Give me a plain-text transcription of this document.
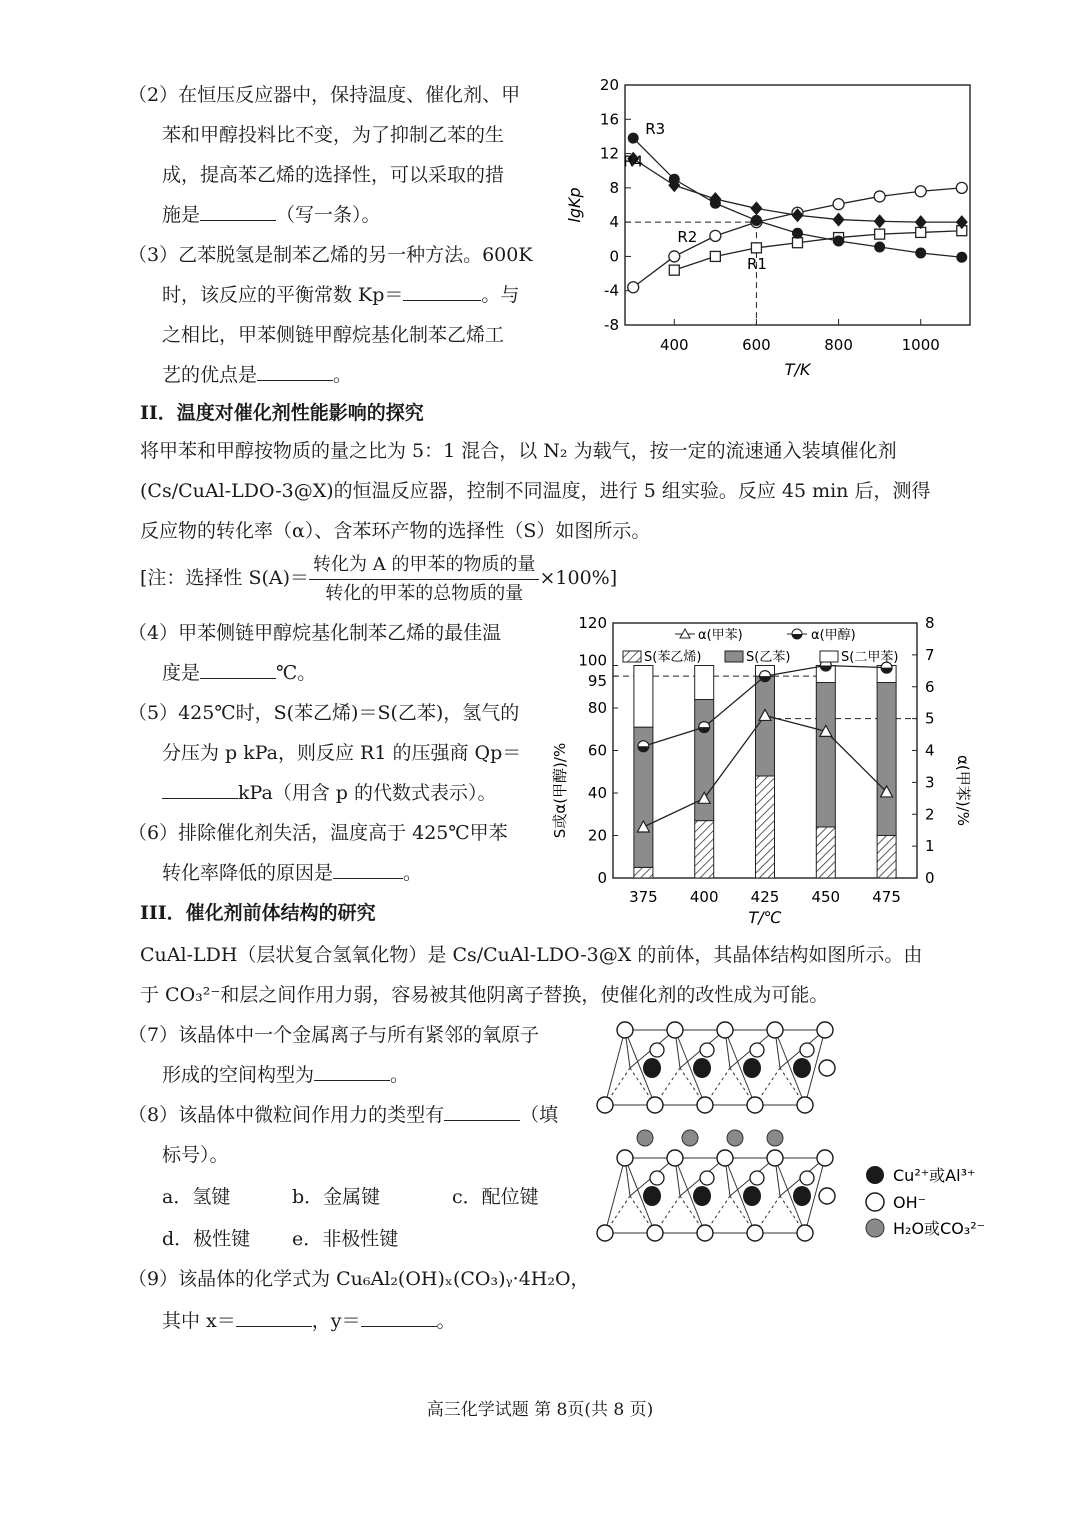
（2）在恒压反应器中，保持温度、催化剂、甲
苯和甲醇投料比不变，为了抑制乙苯的生
成，提高苯乙烯的选择性，可以采取的措
施是	（写一条）。
（3）乙苯脱氢是制苯乙烯的另一种方法。600K
时，该反应的平衡常数 Kp＝	。与
之相比，甲苯侧链甲醇烷基化制苯乙烯工
艺的优点是	。
20
16
12
8
4
0
-4
-8
400	600	800	1000
T/K
lgKp
R1
R2
R3
R4
II．温度对催化剂性能影响的探究
将甲苯和甲醇按物质的量之比为 5：1 混合，以 N₂ 为载气，按一定的流速通入装填催化剂
(Cs/CuAl-LDO-3@X)的恒温反应器，控制不同温度，进行 5 组实验。反应 45 min 后，测得
反应物的转化率（α）、含苯环产物的选择性（S）如图所示。
[注：选择性 $S(A)= \frac{\text{转化为 A 的甲苯的物质的量}}{\text{转化的甲苯的总物质的量}} \times 100\%$]
（4）甲苯侧链甲醇烷基化制苯乙烯的最佳温
度是	℃。
（5）425℃时，S(苯乙烯)＝S(乙苯)，氢气的
分压为 p kPa，则反应 R1 的压强商 Qp＝
kPa（用含 p 的代数式表示）。
（6）排除催化剂失活，温度高于 425℃甲苯
转化率降低的原因是	。	0
20
40
60
80
95
100
120
0
1
2
3
4
5
6
7
8
375 400 425 450 475
T/℃
S或α(甲醇)/%	α(甲苯)/%
α(甲苯)	α(甲醇)
S(苯乙烯)	S(乙苯)	S(二甲苯)
III．催化剂前体结构的研究
CuAl-LDH（层状复合氢氧化物）是 Cs/CuAl-LDO-3@X 的前体，其晶体结构如图所示。由
于 CO₃²⁻和层之间作用力弱，容易被其他阴离子替换，使催化剂的改性成为可能。
（7）该晶体中一个金属离子与所有紧邻的氧原子
形成的空间构型为	。
（8）该晶体中微粒间作用力的类型有	（填
标号）。
a．氢键	b．金属键	c．配位键
d．极性键 e．非极性键
（9）该晶体的化学式为 Cu₆Al₂(OH)ₓ(CO₃)ᵧ·4H₂O，
其中 x＝	，y＝	。
Cu²⁺或Al³⁺
OH⁻
H₂O或CO₃²⁻
高三化学试题 第 8页(共 8 页)
